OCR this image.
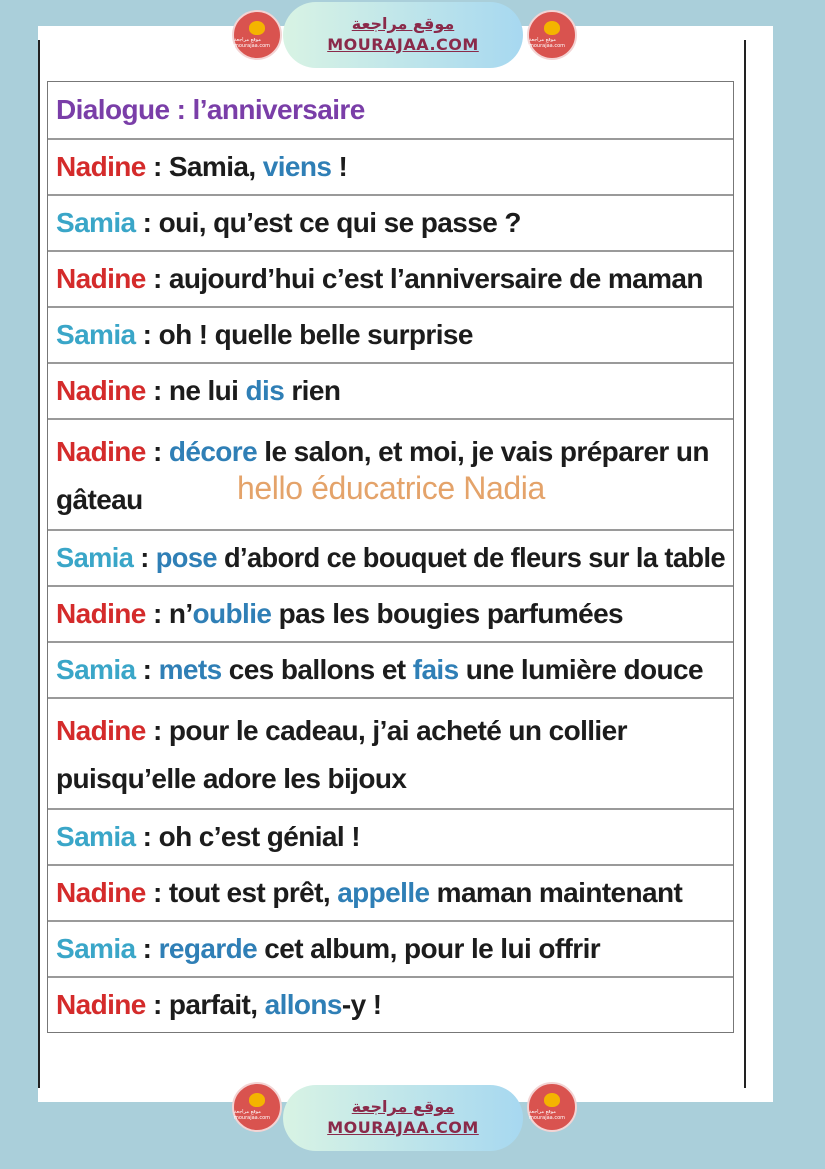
موقع مراجعة mourajaa.com
موقع مراجعة
MOURAJAA.COM	موقع مراجعة mourajaa.com
Dialogue : l’anniversaire
Nadine : Samia, viens !
Samia : oui, qu’est ce qui se passe ?
Nadine : aujourd’hui c’est l’anniversaire de maman
Samia : oh ! quelle belle surprise
Nadine : ne lui dis rien
Nadine : décore le salon, et moi, je vais préparer un gâteau
Samia : pose d’abord ce bouquet de fleurs sur la table
Nadine : n’oublie pas les bougies parfumées
Samia : mets ces ballons et fais une lumière douce
Nadine : pour le cadeau, j’ai acheté un collier puisqu’elle adore les bijoux
Samia : oh c’est génial !
Nadine : tout est prêt, appelle maman maintenant
Samia : regarde cet album, pour le lui offrir
Nadine : parfait, allons-y !
hello éducatrice Nadia
موقع مراجعة mourajaa.com
موقع مراجعة
MOURAJAA.COM
موقع مراجعة mourajaa.com
